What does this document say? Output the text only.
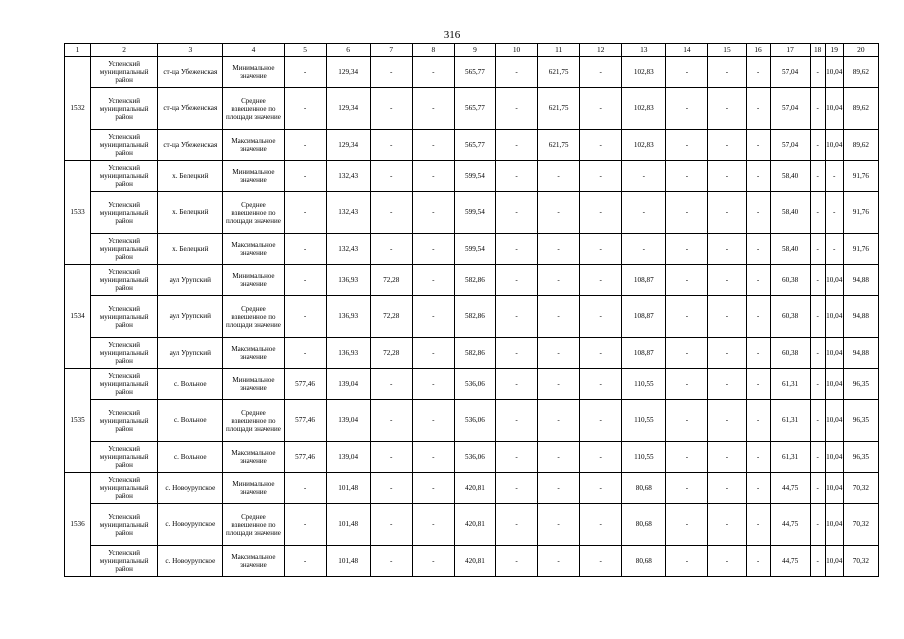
316
1	2	3	4	5	6	7	8	9	10	11	12	13	14	15	16	17	18	19	20
1532	Успенский муниципальный район	ст-ца Убеженская	Минимальное значение	-	129,34	-	-	565,77	-	621,75	-	102,83	-	-	-	57,04	-	10,04	89,62
	Успенский муниципальный район	ст-ца Убеженская	Среднее взвешенное по площади значение	-	129,34	-	-	565,77	-	621,75	-	102,83	-	-	-	57,04	-	10,04	89,62
	Успенский муниципальный район	ст-ца Убеженская	Максимальное значение	-	129,34	-	-	565,77	-	621,75	-	102,83	-	-	-	57,04	-	10,04	89,62
1533	Успенский муниципальный район	х. Белецкий	Минимальное значение	-	132,43	-	-	599,54	-	-	-	-	-	-	-	58,40	-	-	91,76
	Успенский муниципальный район	х. Белецкий	Среднее взвешенное по площади значение	-	132,43	-	-	599,54	-	-	-	-	-	-	-	58,40	-	-	91,76
	Успенский муниципальный район	х. Белецкий	Максимальное значение	-	132,43	-	-	599,54	-	-	-	-	-	-	-	58,40	-	-	91,76
1534	Успенский муниципальный район	аул Урупский	Минимальное значение	-	136,93	72,28	-	582,86	-	-	-	108,87	-	-	-	60,38	-	10,04	94,88
	Успенский муниципальный район	аул Урупский	Среднее взвешенное по площади значение	-	136,93	72,28	-	582,86	-	-	-	108,87	-	-	-	60,38	-	10,04	94,88
	Успенский муниципальный район	аул Урупский	Максимальное значение	-	136,93	72,28	-	582,86	-	-	-	108,87	-	-	-	60,38	-	10,04	94,88
1535	Успенский муниципальный район	с. Вольное	Минимальное значение	577,46	139,04	-	-	536,06	-	-	-	110,55	-	-	-	61,31	-	10,04	96,35
	Успенский муниципальный район	с. Вольное	Среднее взвешенное по площади значение	577,46	139,04	-	-	536,06	-	-	-	110,55	-	-	-	61,31	-	10,04	96,35
	Успенский муниципальный район	с. Вольное	Максимальное значение	577,46	139,04	-	-	536,06	-	-	-	110,55	-	-	-	61,31	-	10,04	96,35
1536	Успенский муниципальный район	с. Новоурупское	Минимальное значение	-	101,48	-	-	420,81	-	-	-	80,68	-	-	-	44,75	-	10,04	70,32
	Успенский муниципальный район	с. Новоурупское	Среднее взвешенное по площади значение	-	101,48	-	-	420,81	-	-	-	80,68	-	-	-	44,75	-	10,04	70,32
	Успенский муниципальный район	с. Новоурупское	Максимальное значение	-	101,48	-	-	420,81	-	-	-	80,68	-	-	-	44,75	-	10,04	70,32
